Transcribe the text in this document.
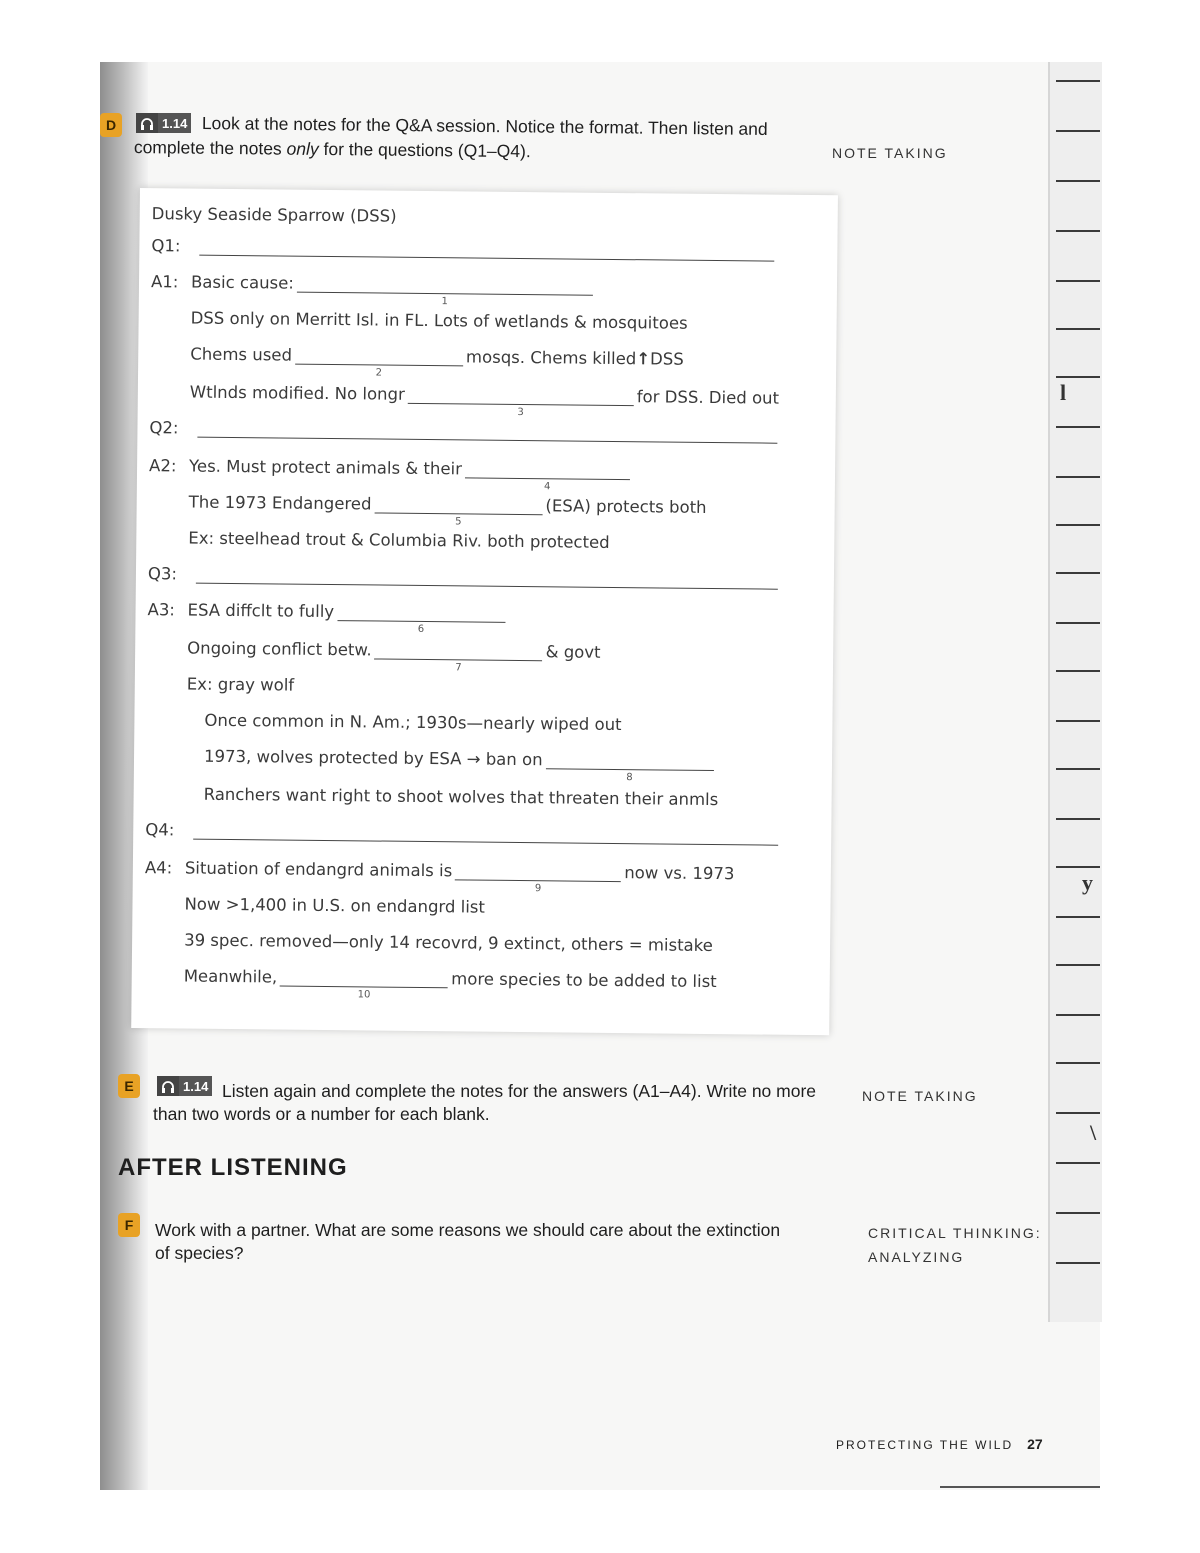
l
y
\
D	1.14 Look at the notes for the Q&A session. Notice the format. Then listen and
complete the notes only for the questions (Q1–Q4).	NOTE TAKING
Dusky Seaside Sparrow (DSS)
Q1:
A1: Basic cause:
1
DSS only on Merritt Isl. in FL. Lots of wetlands & mosquitoes
Chems used
2
mosqs. Chems killed ↑ DSS
Wtlnds modified. No longr
3
for DSS. Died out
Q2:
A2: Yes. Must protect animals & their
4
The 1973 Endangered
5
(ESA) protects both
Ex: steelhead trout & Columbia Riv. both protected
Q3:
A3: ESA diffclt to fully
6
Ongoing conflict betw.
7
& govt
Ex: gray wolf
Once common in N. Am.; 1930s—nearly wiped out
1973, wolves protected by ESA → ban on
8
Ranchers want right to shoot wolves that threaten their anmls
Q4:
A4: Situation of endangrd animals is
9
now vs. 1973
Now >1,400 in U.S. on endangrd list
39 spec. removed—only 14 recovrd, 9 extinct, others = mistake
Meanwhile,
10
more species to be added to list
E	1.14 Listen again and complete the notes for the answers (A1–A4). Write no more
than two words or a number for each blank.
NOTE TAKING
AFTER LISTENING
F	Work with a partner. What are some reasons we should care about the extinction
of species?
CRITICAL THINKING:
ANALYZING
PROTECTING THE WILD 27
